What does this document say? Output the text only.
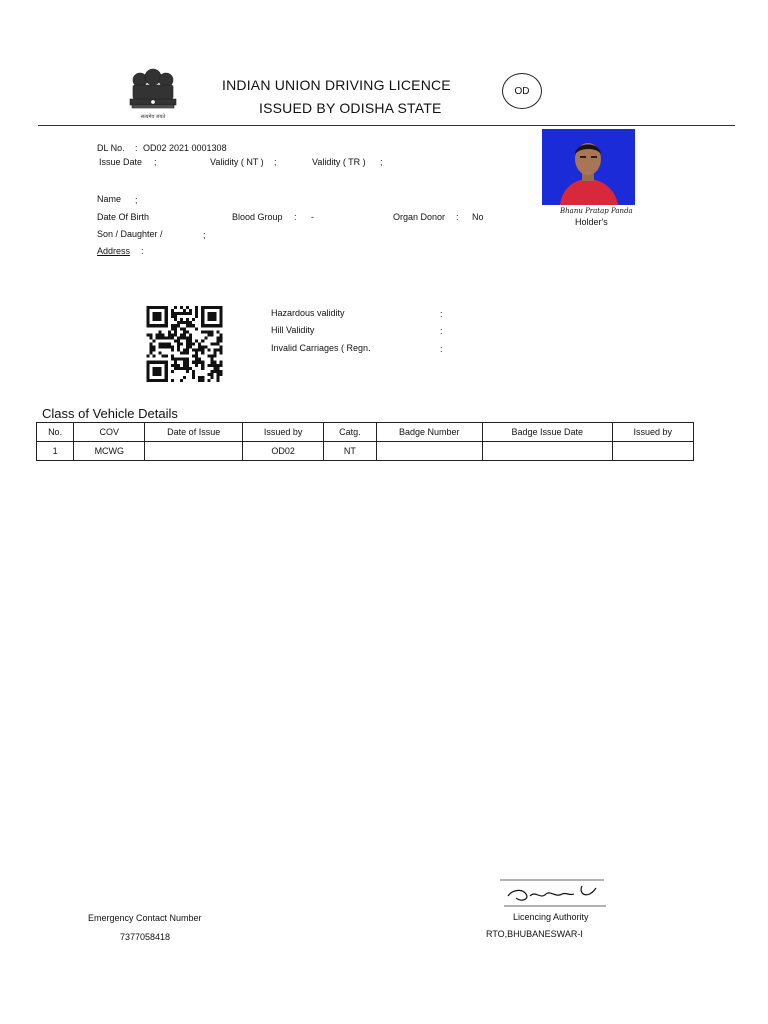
सत्यमेव जयते
INDIAN UNION DRIVING LICENCE
ISSUED BY ODISHA STATE
OD
DL No. : OD02 2021 0001308
Issue Date ;	Validity ( NT ) ;	Validity ( TR ) ;
Bhanu Pratap Panda
Holder's
Name ;
Date Of Birth	Blood Group : -	Organ Donor : No
Son / Daughter /	;
Address :
Hazardous validity	:
Hill Validity	:
Invalid Carriages ( Regn.	:
Class of Vehicle Details
No.	COV	Date of Issue	Issued by	Catg.	Badge Number	Badge Issue Date	Issued by
1	MCWG		OD02	NT			
Emergency Contact Number
7377058418
Licencing Authority
RTO,BHUBANESWAR-I
